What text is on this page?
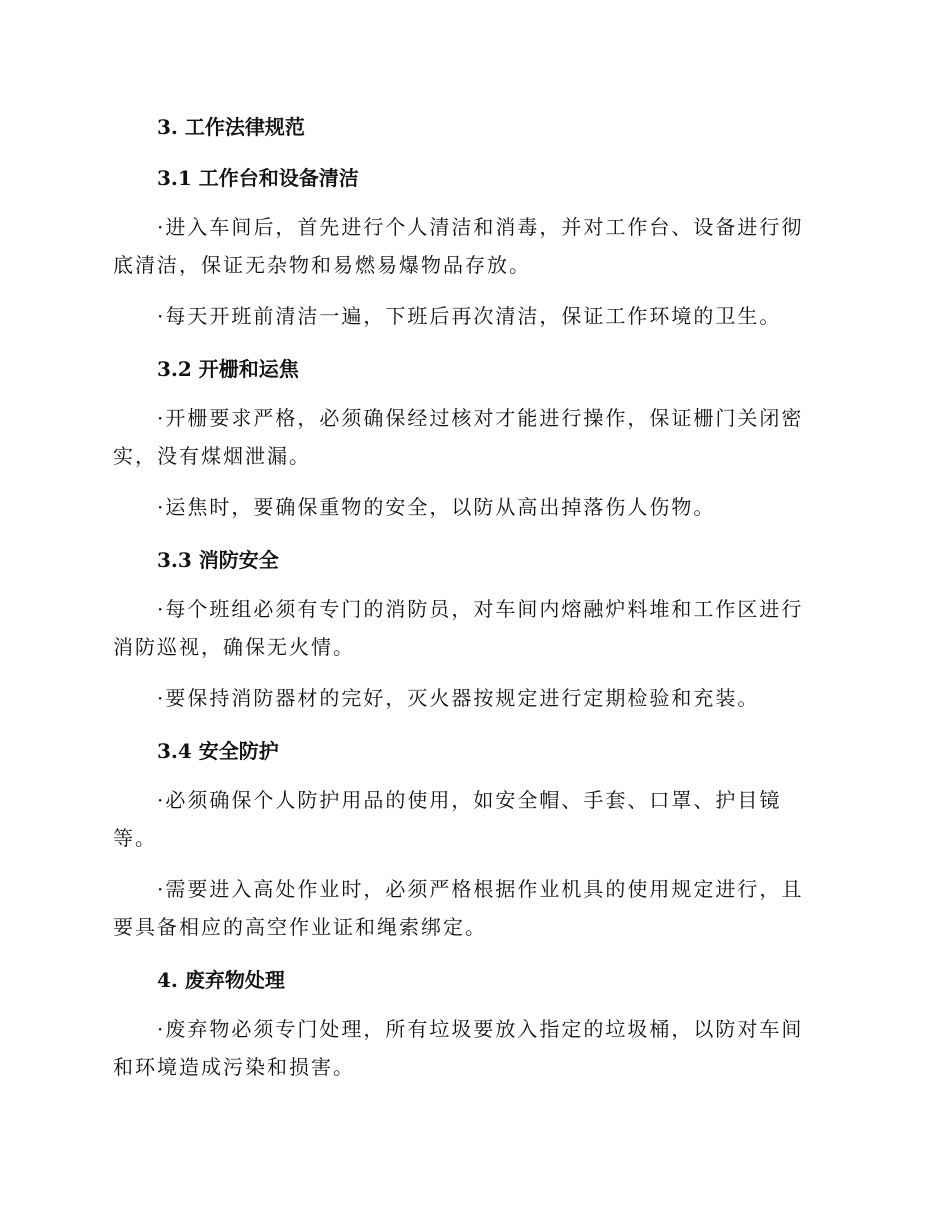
3. 工作法律规范
3.1 工作台和设备清洁

·进入车间后，首先进行个人清洁和消毒，并对工作台、设备进行彻底清洁，保证无杂物和易燃易爆物品存放。

·每天开班前清洁一遍，下班后再次清洁，保证工作环境的卫生。

3.2 开栅和运焦

·开栅要求严格，必须确保经过核对才能进行操作，保证栅门关闭密实，没有煤烟泄漏。

·运焦时，要确保重物的安全，以防从高出掉落伤人伤物。

3.3 消防安全

·每个班组必须有专门的消防员，对车间内熔融炉料堆和工作区进行消防巡视，确保无火情。

·要保持消防器材的完好，灭火器按规定进行定期检验和充装。

3.4 安全防护

·必须确保个人防护用品的使用，如安全帽、手套、口罩、护目镜等。

·需要进入高处作业时，必须严格根据作业机具的使用规定进行，且要具备相应的高空作业证和绳索绑定。

4. 废弃物处理

·废弃物必须专门处理，所有垃圾要放入指定的垃圾桶，以防对车间和环境造成污染和损害。
